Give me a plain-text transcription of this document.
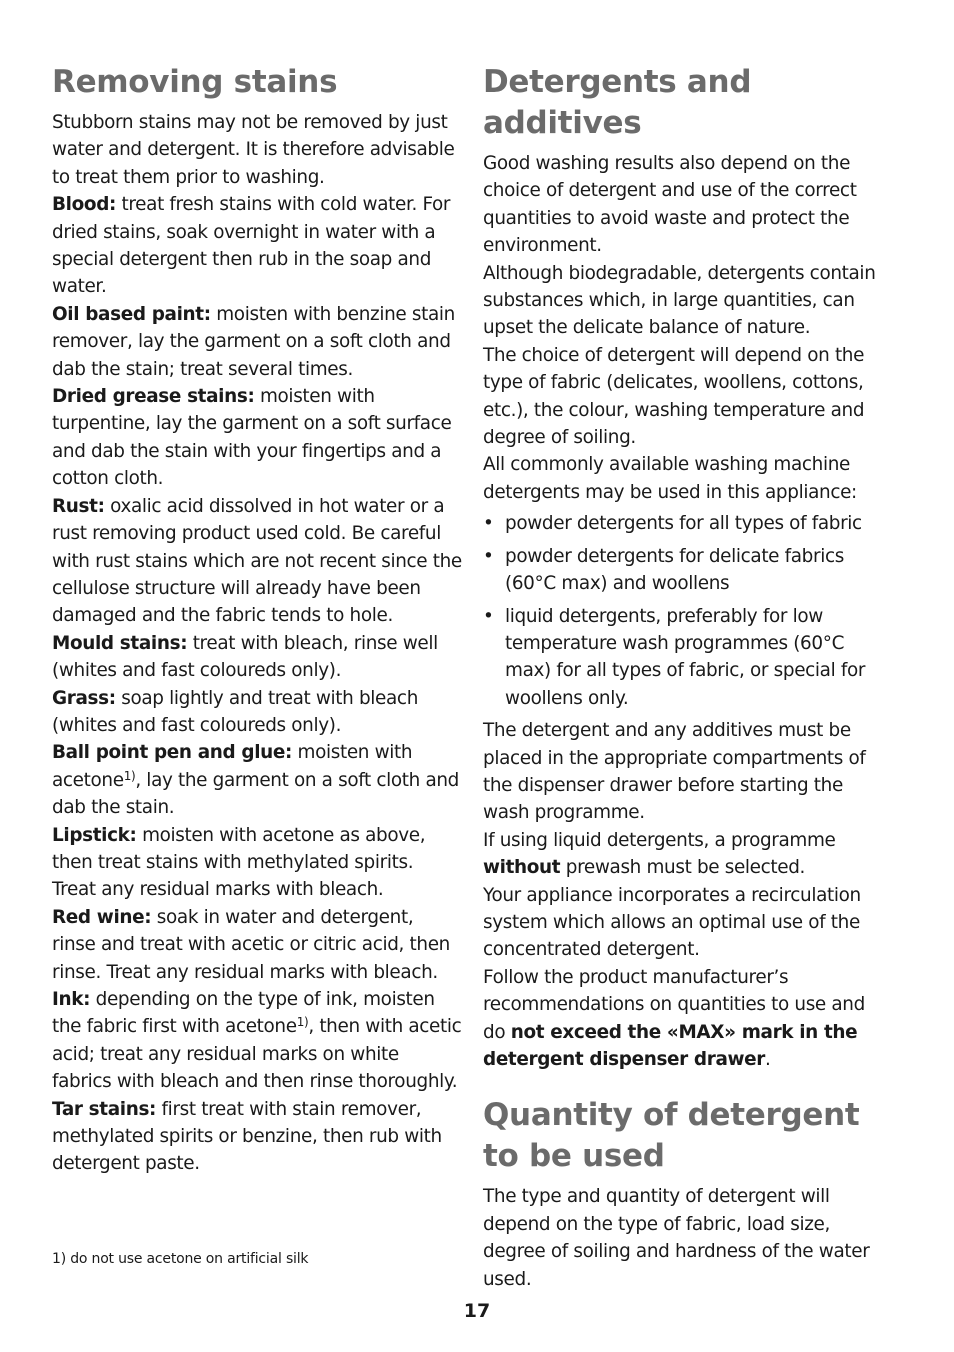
Removing stains

Stubborn stains may not be removed by just water and detergent. It is therefore advisable to treat them prior to washing.

Blood: treat fresh stains with cold water. For dried stains, soak overnight in water with a special detergent then rub in the soap and water.

Oil based paint: moisten with benzine stain remover, lay the garment on a soft cloth and dab the stain; treat several times.

Dried grease stains: moisten with turpentine, lay the garment on a soft surface and dab the stain with your fingertips and a cotton cloth.

Rust: oxalic acid dissolved in hot water or a rust removing product used cold. Be careful with rust stains which are not recent since the cellulose structure will already have been damaged and the fabric tends to hole.

Mould stains: treat with bleach, rinse well (whites and fast coloureds only).

Grass: soap lightly and treat with bleach (whites and fast coloureds only).

Ball point pen and glue: moisten with acetone$^{1)}$, lay the garment on a soft cloth and dab the stain.

Lipstick: moisten with acetone as above, then treat stains with methylated spirits. Treat any residual marks with bleach.

Red wine: soak in water and detergent, rinse and treat with acetic or citric acid, then rinse. Treat any residual marks with bleach.

Ink: depending on the type of ink, moisten the fabric first with acetone$^{1)}$, then with acetic acid; treat any residual marks on white fabrics with bleach and then rinse thoroughly.

Tar stains: first treat with stain remover, methylated spirits or benzine, then rub with detergent paste.

Detergents and additives

Good washing results also depend on the choice of detergent and use of the correct quantities to avoid waste and protect the environment.

Although biodegradable, detergents contain substances which, in large quantities, can upset the delicate balance of nature.

The choice of detergent will depend on the type of fabric (delicates, woollens, cottons, etc.), the colour, washing temperature and degree of soiling.

All commonly available washing machine detergents may be used in this appliance:

• powder detergents for all types of fabric
• powder detergents for delicate fabrics (60°C max) and woollens
• liquid detergents, preferably for low temperature wash programmes (60°C max) for all types of fabric, or special for woollens only.

The detergent and any additives must be placed in the appropriate compartments of the dispenser drawer before starting the wash programme.

If using liquid detergents, a programme without prewash must be selected.

Your appliance incorporates a recirculation system which allows an optimal use of the concentrated detergent.

Follow the product manufacturer’s recommendations on quantities to use and do not exceed the «MAX» mark in the detergent dispenser drawer.

Quantity of detergent to be used

The type and quantity of detergent will depend on the type of fabric, load size, degree of soiling and hardness of the water used.

1) do not use acetone on artificial silk
17
